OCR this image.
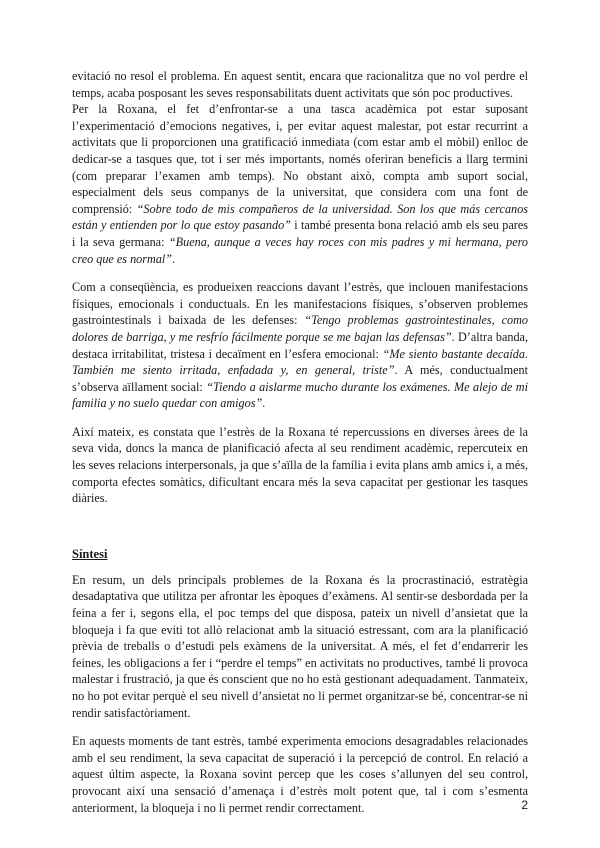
evitació no resol el problema. En aquest sentit, encara que racionalitza que no vol perdre el temps, acaba posposant les seves responsabilitats duent activitats que són poc productives.

Per la Roxana, el fet d’enfrontar-se a una tasca acadèmica pot estar suposant l’experimentació d’emocions negatives, i, per evitar aquest malestar, pot estar recurrint a activitats que li proporcionen una gratificació inmediata (com estar amb el mòbil) enlloc de dedicar-se a tasques que, tot i ser més importants, només oferiran beneficis a llarg termini (com preparar l’examen amb temps). No obstant això, compta amb suport social, especialment dels seus companys de la universitat, que considera com una font de comprensió: “Sobre todo de mis compañeros de la universidad. Son los que más cercanos están y entienden por lo que estoy pasando” i també presenta bona relació amb els seu pares i la seva germana: “Buena, aunque a veces hay roces con mis padres y mi hermana, pero creo que es normal”.

Com a conseqüència, es produeixen reaccions davant l’estrès, que inclouen manifestacions físiques, emocionals i conductuals. En les manifestacions físiques, s’observen problemes gastrointestinals i baixada de les defenses: “Tengo problemas gastrointestinales, como dolores de barriga, y me resfrío fácilmente porque se me bajan las defensas”. D’altra banda, destaca irritabilitat, tristesa i decaïment en l’esfera emocional: “Me siento bastante decaída. También me siento irritada, enfadada y, en general, triste”. A més, conductualment s’observa aïllament social: “Tiendo a aislarme mucho durante los exámenes. Me alejo de mi familia y no suelo quedar con amigos”.

Així mateix, es constata que l’estrès de la Roxana té repercussions en diverses àrees de la seva vida, doncs la manca de planificació afecta al seu rendiment acadèmic, repercuteix en les seves relacions interpersonals, ja que s’aïlla de la família i evita plans amb amics i, a més, comporta efectes somàtics, dificultant encara més la seva capacitat per gestionar les tasques diàries.

Síntesi

En resum, un dels principals problemes de la Roxana és la procrastinació, estratègia desadaptativa que utilitza per afrontar les èpoques d’exàmens. Al sentir-se desbordada per la feina a fer i, segons ella, el poc temps del que disposa, pateix un nivell d’ansietat que la bloqueja i fa que eviti tot allò relacionat amb la situació estressant, com ara la planificació prèvia de treballs o d’estudi pels exàmens de la universitat. A més, el fet d’endarrerir les feines, les obligacions a fer i “perdre el temps” en activitats no productives, també li provoca malestar i frustració, ja que és conscient que no ho està gestionant adequadament. Tanmateix, no ho pot evitar perquè el seu nivell d’ansietat no li permet organitzar-se bé, concentrar-se ni rendir satisfactòriament.

En aquests moments de tant estrès, també experimenta emocions desagradables relacionades amb el seu rendiment, la seva capacitat de superació i la percepció de control. En relació a aquest últim aspecte, la Roxana sovint percep que les coses s’allunyen del seu control, provocant així una sensació d’amenaça i d’estrès molt potent que, tal i com s’esmenta anteriorment, la bloqueja i no li permet rendir correctament.	2
